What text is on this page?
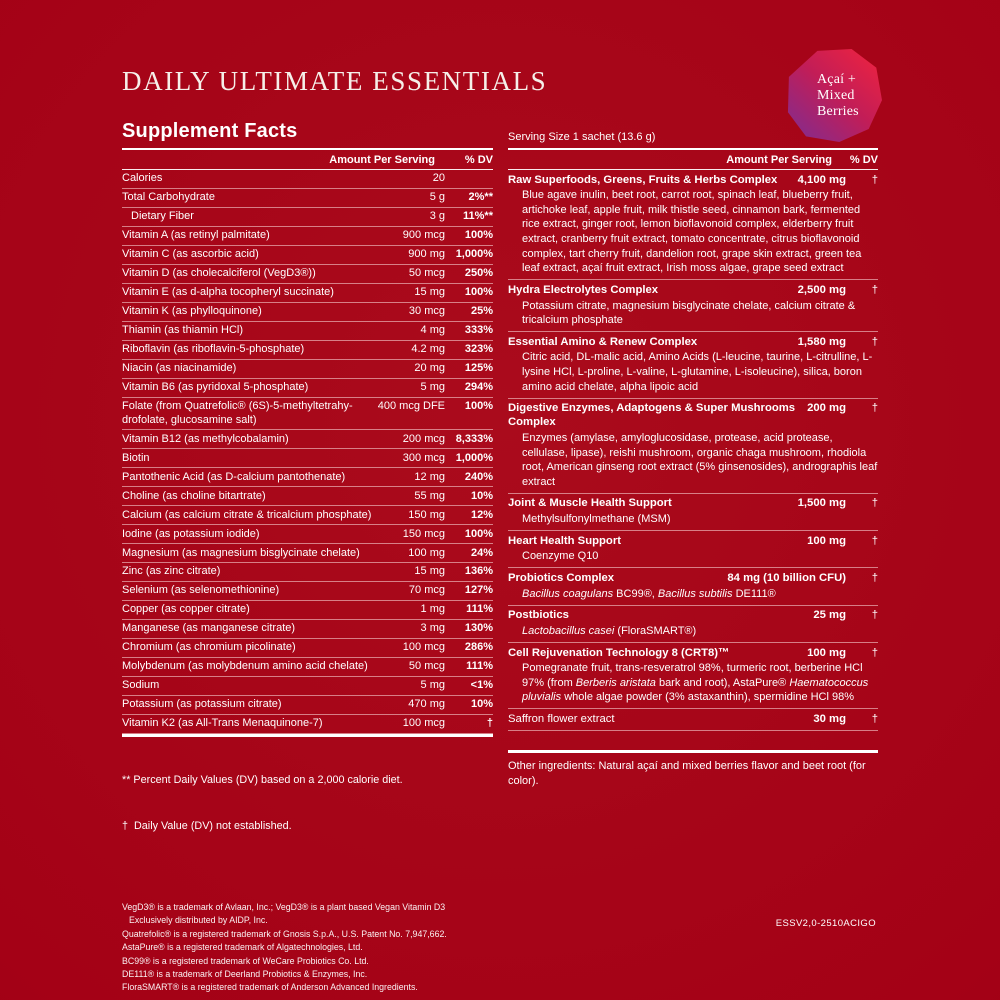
DAILY ULTIMATE ESSENTIALS	Açaí +
Mixed
Berries
Supplement Facts
Amount Per Serving	% DV
Calories	20
Total Carbohydrate	5 g	2%**
Dietary Fiber	3 g	11%**
Vitamin A (as retinyl palmitate)	900 mcg	100%
Vitamin C (as ascorbic acid)	900 mg 1,000%
Vitamin D (as cholecalciferol (VegD3®))	50 mcg	250%
Vitamin E (as d-alpha tocopheryl succinate)	15 mg	100%
Vitamin K (as phylloquinone)	30 mcg	25%
Thiamin (as thiamin HCl)	4 mg	333%
Riboflavin (as riboflavin-5-phosphate)	4.2 mg	323%
Niacin (as niacinamide)	20 mg	125%
Vitamin B6 (as pyridoxal 5-phosphate)	5 mg	294%
Folate (from Quatrefolic® (6S)-5-methyltetrahydrofolate, glucosamine salt)
400 mcg DFE	100%
Vitamin B12 (as methylcobalamin)	200 mcg 8,333%
Biotin	300 mcg 1,000%
Pantothenic Acid (as D-calcium pantothenate)	12 mg	240%
Choline (as choline bitartrate)	55 mg	10%
Calcium (as calcium citrate & tricalcium phosphate)	150 mg	12%
Iodine (as potassium iodide)	150 mcg	100%
Magnesium (as magnesium bisglycinate chelate)	100 mg	24%
Zinc (as zinc citrate)	15 mg	136%
Selenium (as selenomethionine)	70 mcg	127%
Copper (as copper citrate)	1 mg	111%
Manganese (as manganese citrate)	3 mg	130%
Chromium (as chromium picolinate)	100 mcg	286%
Molybdenum (as molybdenum amino acid chelate)	50 mcg	111%
Sodium	5 mg	<1%
Potassium (as potassium citrate)	470 mg	10%
Vitamin K2 (as All-Trans Menaquinone-7)	100 mcg	†

** Percent Daily Values (DV) based on a 2,000 calorie diet.

†  Daily Value (DV) not established.

VegD3® is a trademark of Avlaan, Inc.; VegD3® is a plant based Vegan Vitamin D3
Exclusively distributed by AIDP, Inc.
Quatrefolic® is a registered trademark of Gnosis S.p.A., U.S. Patent No. 7,947,662.
AstaPure® is a registered trademark of Algatechnologies, Ltd.
BC99® is a registered trademark of WeCare Probiotics Co. Ltd.
DE111® is a trademark of Deerland Probiotics & Enzymes, Inc.
FloraSMART® is a registered trademark of Anderson Advanced Ingredients.
Serving Size 1 sachet (13.6 g)
Amount Per Serving	% DV
Raw Superfoods, Greens, Fruits & Herbs Complex	4,100 mg	†
Blue agave inulin, beet root, carrot root, spinach leaf, blueberry fruit, artichoke leaf, apple fruit, milk thistle seed, cinnamon bark, fermented rice extract, ginger root, lemon bioflavonoid complex, elderberry fruit extract, cranberry fruit extract, tomato concentrate, citrus bioflavonoid complex, tart cherry fruit, dandelion root, grape skin extract, green tea leaf extract, açaí fruit extract, Irish moss algae, grape seed extract
Hydra Electrolytes Complex	2,500 mg	†
Potassium citrate, magnesium bisglycinate chelate, calcium citrate & tricalcium phosphate
Essential Amino & Renew Complex	1,580 mg	†
Citric acid, DL-malic acid, Amino Acids (L-leucine, taurine, L-citrulline, L-lysine HCl, L-proline, L-valine, L-glutamine, L-isoleucine), silica, boron amino acid chelate, alpha lipoic acid
Digestive Enzymes, Adaptogens & Super Mushrooms Complex
200 mg	†
Enzymes (amylase, amyloglucosidase, protease, acid protease, cellulase, lipase), reishi mushroom, organic chaga mushroom, rhodiola root, American ginseng root extract (5% ginsenosides), andrographis leaf extract
Joint & Muscle Health Support	1,500 mg	†
Methylsulfonylmethane (MSM)
Heart Health Support	100 mg	†
Coenzyme Q10
Probiotics Complex	84 mg (10 billion CFU)	†
Bacillus coagulans BC99®, Bacillus subtilis DE111®
Postbiotics	25 mg	†
Lactobacillus casei (FloraSMART®)
Cell Rejuvenation Technology 8 (CRT8)™	100 mg	†
Pomegranate fruit, trans-resveratrol 98%, turmeric root, berberine HCl 97% (from Berberis aristata bark and root), AstaPure® Haematococcus pluvialis whole algae powder (3% astaxanthin), spermidine HCl 98%
Saffron flower extract	30 mg	†
Other ingredients: Natural açaí and mixed berries flavor and beet root (for color).
ESSV2,0-2510ACIGO
